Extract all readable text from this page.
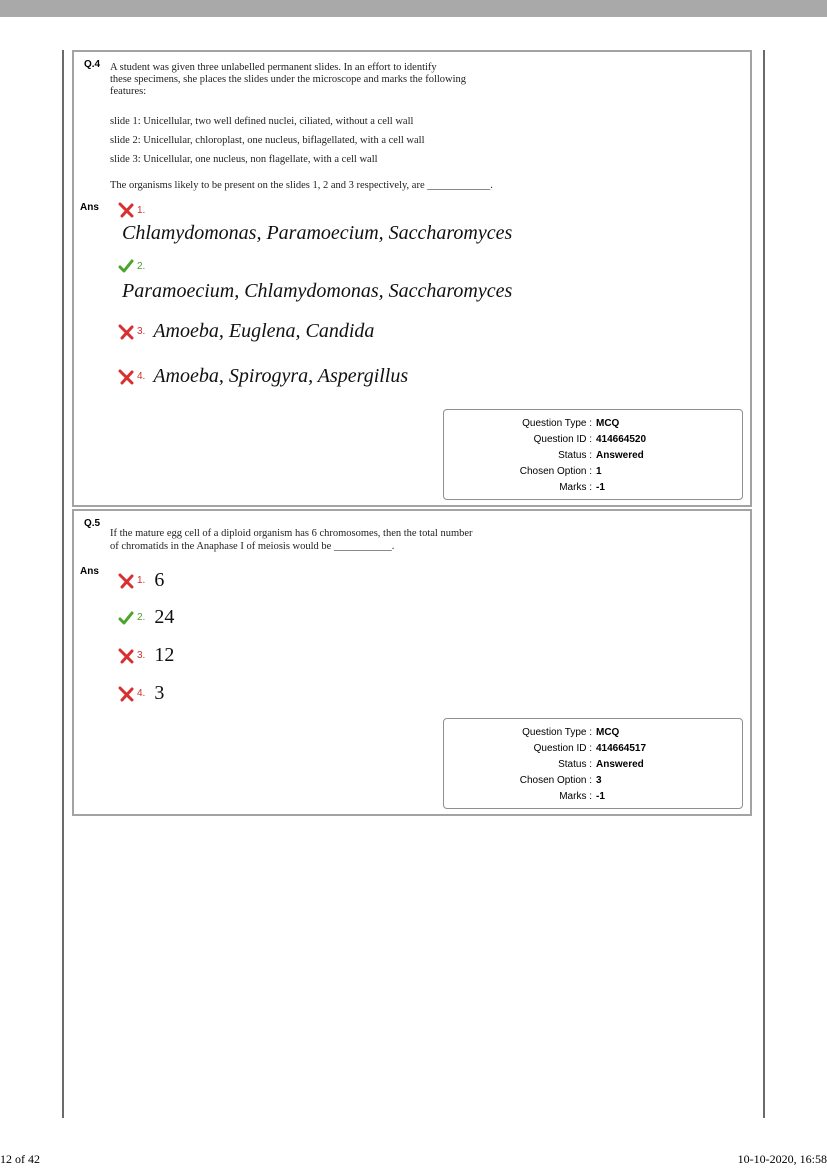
Q.4 A student was given three unlabelled permanent slides. In an effort to identify

these specimens, she places the slides under the microscope and marks the following

features:

slide 1: Unicellular, two well defined nuclei, ciliated, without a cell wall

slide 2: Unicellular, chloroplast, one nucleus, biflagellated, with a cell wall

slide 3: Unicellular, one nucleus, non flagellate, with a cell wall

The organisms likely to be present on the slides 1, 2 and 3 respectively, are ____________.
Ans	1.
Chlamydomonas, Paramoecium, Saccharomyces
2.
Paramoecium, Chlamydomonas, Saccharomyces
3. Amoeba, Euglena, Candida
4. Amoeba, Spirogyra, Aspergillus
Question Type : MCQ
Question ID : 414664520
Status : Answered
Chosen Option : 1
Marks : -1
Q.5

If the mature egg cell of a diploid organism has 6 chromosomes, then the total number

of chromatids in the Anaphase I of meiosis would be ___________.

Ans
1. 6
2. 24
3. 12
4. 3
Question Type : MCQ
Question ID : 414664517
Status : Answered
Chosen Option : 3
Marks : -1
12 of 42	10-10-2020, 16:58
